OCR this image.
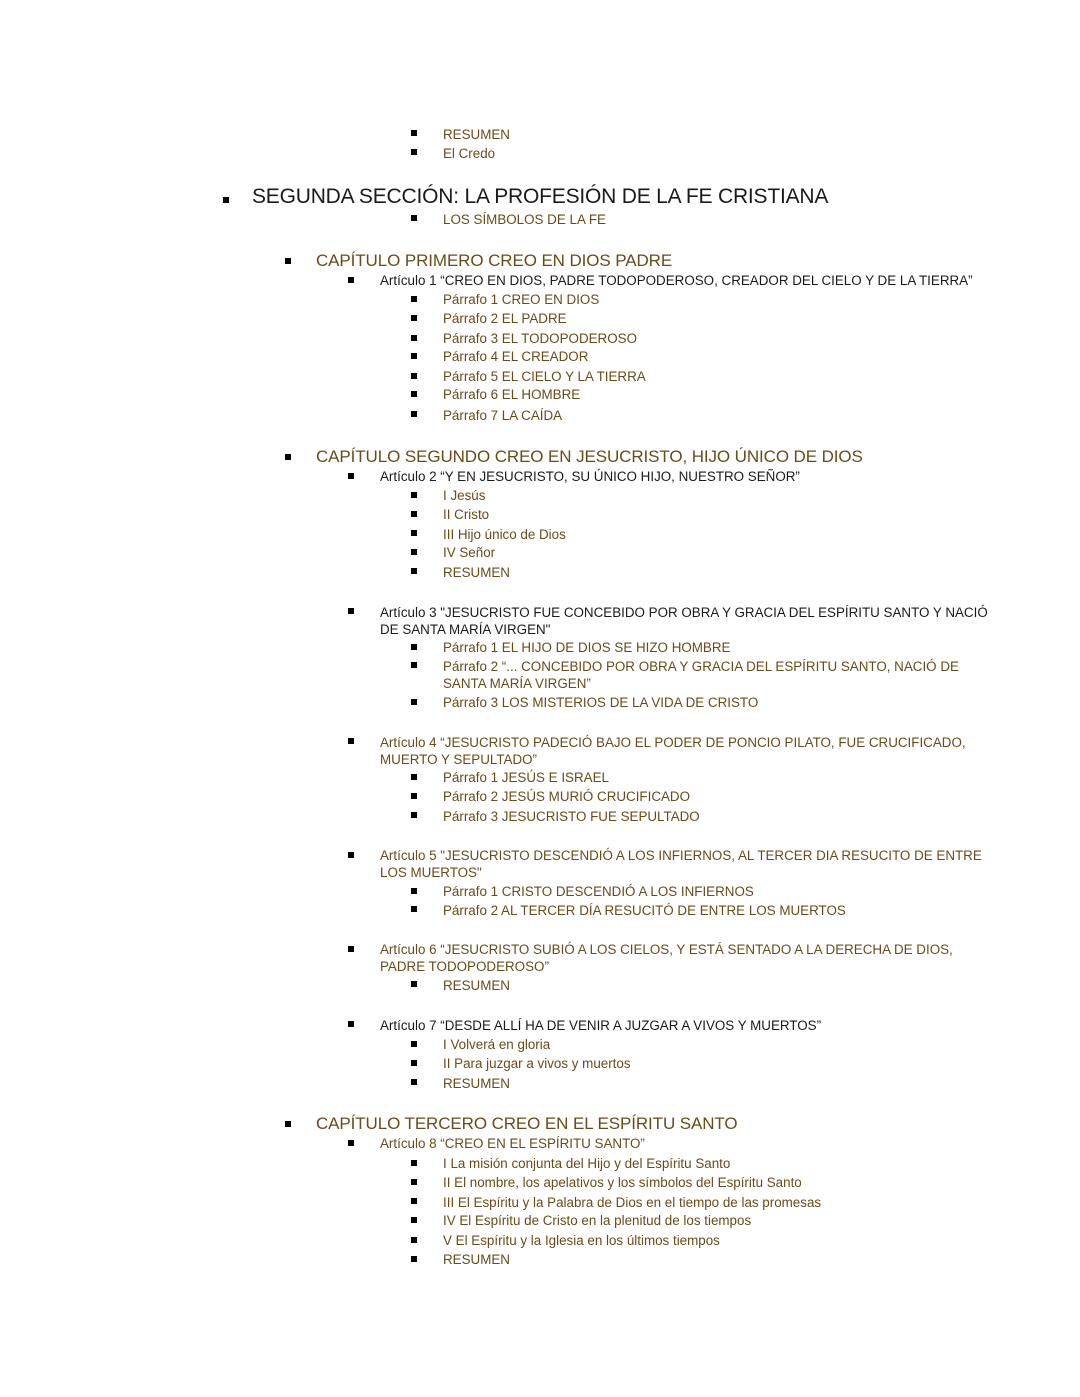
RESUMEN
El Credo
SEGUNDA SECCIÓN: LA PROFESIÓN DE LA FE CRISTIANA
LOS SÍMBOLOS DE LA FE
CAPÍTULO PRIMERO CREO EN DIOS PADRE
Artículo 1 “CREO EN DIOS, PADRE TODOPODEROSO, CREADOR DEL CIELO Y DE LA TIERRA”
Párrafo 1 CREO EN DIOS
Párrafo 2 EL PADRE
Párrafo 3 EL TODOPODEROSO
Párrafo 4 EL CREADOR
Párrafo 5 EL CIELO Y LA TIERRA
Párrafo 6 EL HOMBRE
Párrafo 7 LA CAÍDA
CAPÍTULO SEGUNDO CREO EN JESUCRISTO, HIJO ÚNICO DE DIOS
Artículo 2 “Y EN JESUCRISTO, SU ÚNICO HIJO, NUESTRO SEÑOR”
I Jesús
II Cristo
III Hijo único de Dios
IV Señor
RESUMEN
Artículo 3 "JESUCRISTO FUE CONCEBIDO POR OBRA Y GRACIA DEL ESPÍRITU SANTO Y NACIÓ
DE SANTA MARÍA VIRGEN"
Párrafo 1 EL HIJO DE DIOS SE HIZO HOMBRE
Párrafo 2 “... CONCEBIDO POR OBRA Y GRACIA DEL ESPÍRITU SANTO, NACIÓ DE
SANTA MARÍA VIRGEN”
Párrafo 3 LOS MISTERIOS DE LA VIDA DE CRISTO
Artículo 4 “JESUCRISTO PADECIÓ BAJO EL PODER DE PONCIO PILATO, FUE CRUCIFICADO,
MUERTO Y SEPULTADO”
Párrafo 1 JESÚS E ISRAEL
Párrafo 2 JESÚS MURIÓ CRUCIFICADO
Párrafo 3 JESUCRISTO FUE SEPULTADO
Artículo 5 "JESUCRISTO DESCENDIÓ A LOS INFIERNOS, AL TERCER DIA RESUCITO DE ENTRE
LOS MUERTOS"
Párrafo 1 CRISTO DESCENDIÓ A LOS INFIERNOS
Párrafo 2 AL TERCER DÍA RESUCITÓ DE ENTRE LOS MUERTOS
Artículo 6 “JESUCRISTO SUBIÓ A LOS CIELOS, Y ESTÁ SENTADO A LA DERECHA DE DIOS,
PADRE TODOPODEROSO”
RESUMEN
Artículo 7 “DESDE ALLÍ HA DE VENIR A JUZGAR A VIVOS Y MUERTOS”
I Volverá en gloria
II Para juzgar a vivos y muertos
RESUMEN
CAPÍTULO TERCERO CREO EN EL ESPÍRITU SANTO
Artículo 8 “CREO EN EL ESPÍRITU SANTO”
I La misión conjunta del Hijo y del Espíritu Santo
II El nombre, los apelativos y los símbolos del Espíritu Santo
III El Espíritu y la Palabra de Dios en el tiempo de las promesas
IV El Espíritu de Cristo en la plenitud de los tiempos
V El Espíritu y la Iglesia en los últimos tiempos
RESUMEN
